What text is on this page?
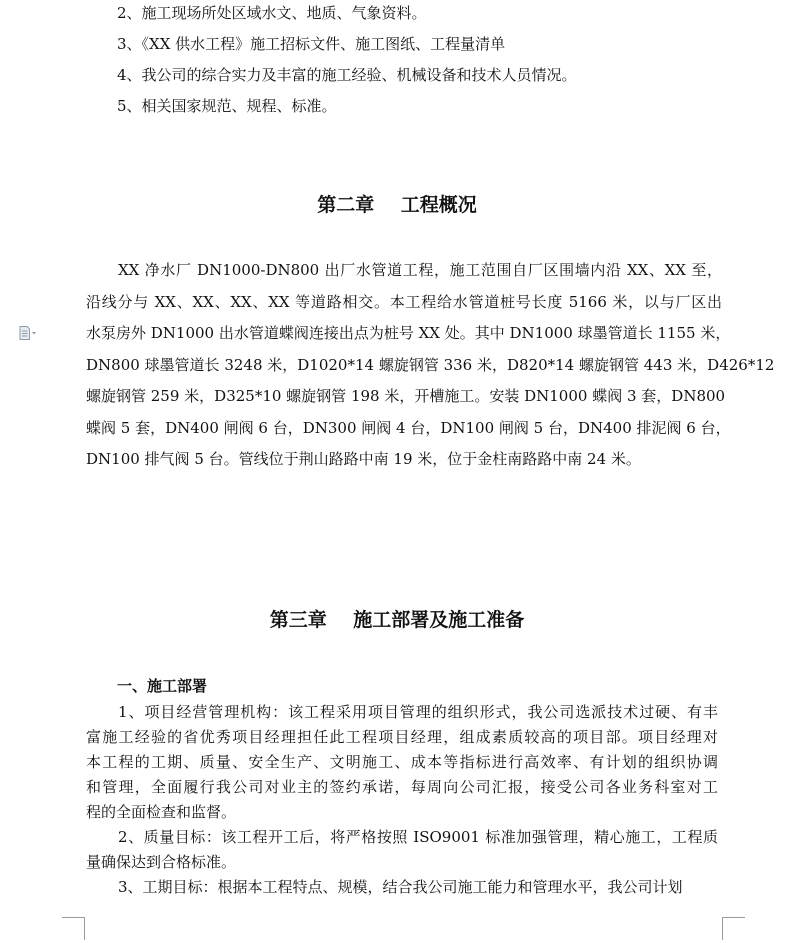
2、施工现场所处区域水文、地质、气象资料。
3、《XX 供水工程》施工招标文件、施工图纸、工程量清单
4、我公司的综合实力及丰富的施工经验、机械设备和技术人员情况。
5、相关国家规范、规程、标准。
第二章    工程概况
XX 净水厂 DN1000-DN800 出厂水管道工程，施工范围自厂区围墙内沿 XX、XX 至，
沿线分与 XX、XX、XX、XX 等道路相交。本工程给水管道桩号长度 5166 米，以与厂区出
水泵房外 DN1000 出水管道蝶阀连接出点为桩号 XX 处。其中 DN1000 球墨管道长 1155 米，
DN800 球墨管道长 3248 米，D1020*14 螺旋钢管 336 米，D820*14 螺旋钢管 443 米，D426*12
螺旋钢管 259 米，D325*10 螺旋钢管 198 米，开槽施工。安装 DN1000 蝶阀 3 套，DN800
蝶阀 5 套，DN400 闸阀 6 台，DN300 闸阀 4 台，DN100 闸阀 5 台，DN400 排泥阀 6 台，
DN100 排气阀 5 台。管线位于荆山路路中南 19 米，位于金柱南路路中南 24 米。
第三章    施工部署及施工准备
一、施工部署
1、项目经营管理机构：该工程采用项目管理的组织形式，我公司选派技术过硬、有丰
富施工经验的省优秀项目经理担任此工程项目经理，组成素质较高的项目部。项目经理对
本工程的工期、质量、安全生产、文明施工、成本等指标进行高效率、有计划的组织协调
和管理，全面履行我公司对业主的签约承诺，每周向公司汇报，接受公司各业务科室对工
程的全面检查和监督。
2、质量目标：该工程开工后，将严格按照 ISO9001 标准加强管理，精心施工，工程质
量确保达到合格标准。
3、工期目标：根据本工程特点、规模，结合我公司施工能力和管理水平，我公司计划
